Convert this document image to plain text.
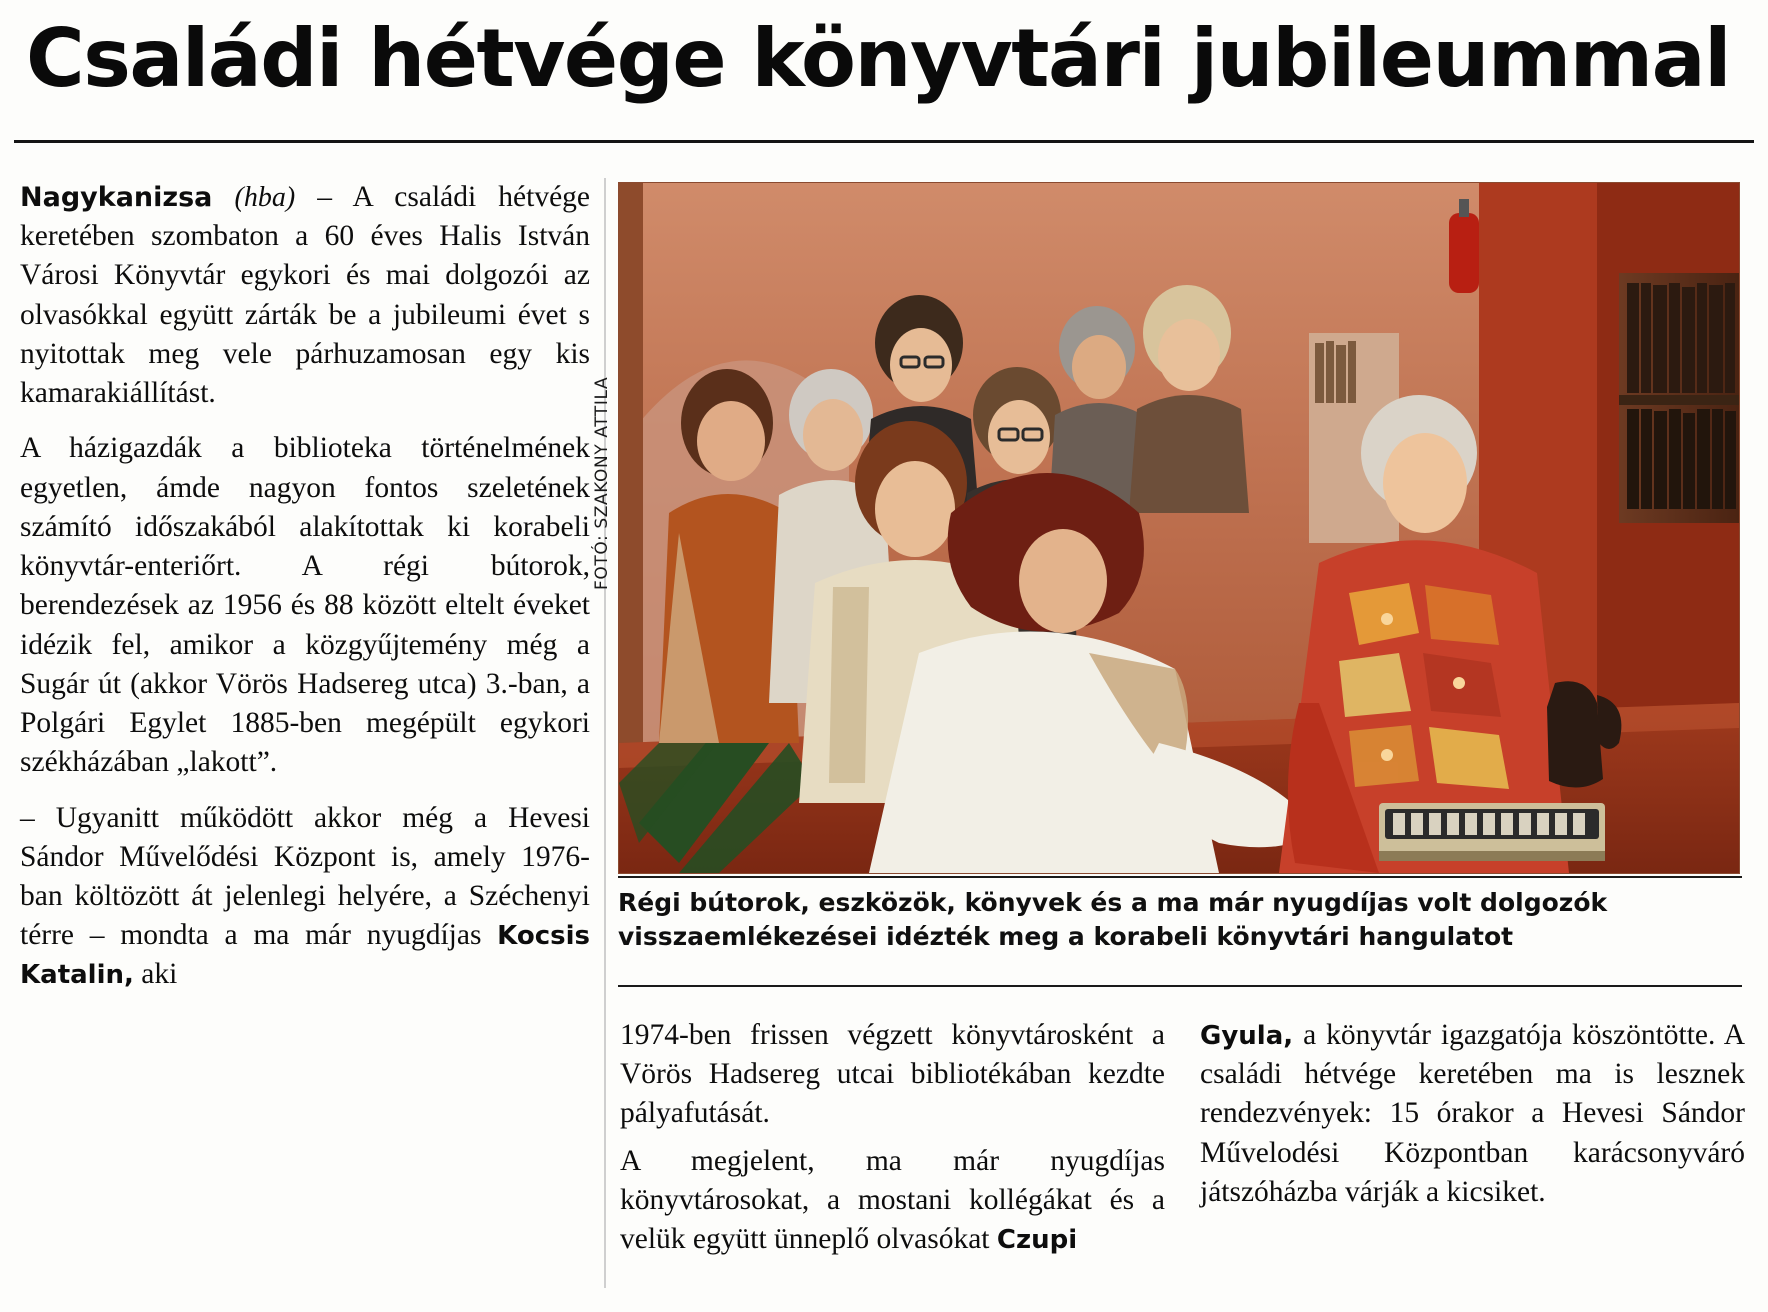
Családi hétvége könyvtári jubileummal

Nagykanizsa (hba) – A családi hétvége keretében szombaton a 60 éves Halis István Városi Könyvtár egykori és mai dolgozói az olvasókkal együtt zárták be a jubileumi évet s nyitottak meg vele párhuzamosan egy kis kamarakiállítást.

A házigazdák a biblioteka történelmének egyetlen, ámde nagyon fontos szeletének számító időszakából alakítottak ki korabeli könyvtár-enteriőrt. A régi bútorok, berendezések az 1956 és 88 között eltelt éveket idézik fel, amikor a közgyűjtemény még a Sugár út (akkor Vörös Hadsereg utca) 3.-ban, a Polgári Egylet 1885-ben megépült egykori székházában „lakott”.

– Ugyanitt működött akkor még a Hevesi Sándor Művelődési Központ is, amely 1976-ban költözött át jelenlegi helyére, a Széchenyi térre – mondta a ma már nyugdíjas Kocsis Katalin, aki

FOTÓ: SZAKONY ATTILA
Régi bútorok, eszközök, könyvek és a ma már nyugdíjas volt dolgozók visszaemlékezései idézték meg a korabeli könyvtári hangulatot

1974-ben frissen végzett könyvtárosként a Vörös Hadsereg utcai bibliotékában kezdte pályafutását.

A megjelent, ma már nyugdíjas könyvtárosokat, a mostani kollégákat és a velük együtt ünneplő olvasókat Czupi

Gyula, a könyvtár igazgatója köszöntötte. A családi hétvége keretében ma is lesznek rendezvények: 15 órakor a Hevesi Sándor Művelodési Központban karácsonyváró játszóházba várják a kicsiket.
